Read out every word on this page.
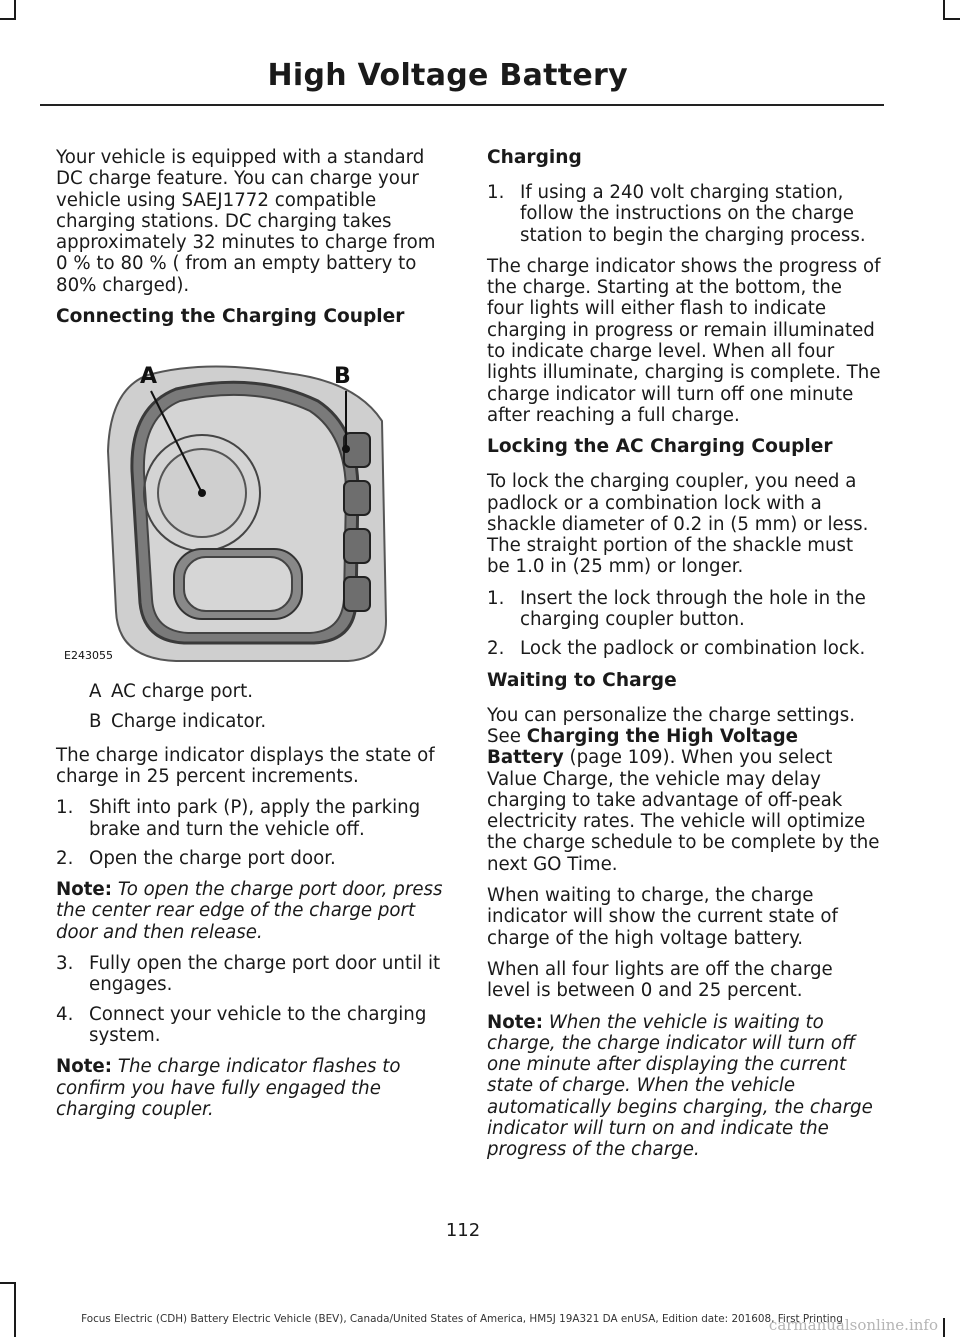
High Voltage Battery

Your vehicle is equipped with a standard DC charge feature. You can charge your vehicle using SAEJ1772 compatible charging stations. DC charging takes approximately 32 minutes to charge from 0 % to 80 % ( from an empty battery to 80% charged).

Connecting the Charging Coupler
A	B
E243055
A AC charge port.
B Charge indicator.

The charge indicator displays the state of charge in 25 percent increments.

1. Shift into park (P), apply the parking brake and turn the vehicle off.
2. Open the charge port door.

Note: To open the charge port door, press the center rear edge of the charge port door and then release.

3. Fully open the charge port door until it engages.
4. Connect your vehicle to the charging system.

Note: The charge indicator flashes to confirm you have fully engaged the charging coupler.

Charging
1. If using a 240 volt charging station, follow the instructions on the charge station to begin the charging process.

The charge indicator shows the progress of the charge. Starting at the bottom, the four lights will either flash to indicate charging in progress or remain illuminated to indicate charge level. When all four lights illuminate, charging is complete. The charge indicator will turn off one minute after reaching a full charge.

Locking the AC Charging Coupler

To lock the charging coupler, you need a padlock or a combination lock with a shackle diameter of 0.2 in (5 mm) or less. The straight portion of the shackle must be 1.0 in (25 mm) or longer.

1. Insert the lock through the hole in the charging coupler button.
2. Lock the padlock or combination lock.
Waiting to Charge

You can personalize the charge settings. See Charging the High Voltage Battery (page 109). When you select Value Charge, the vehicle may delay charging to take advantage of off-peak electricity rates. The vehicle will optimize the charge schedule to be complete by the next GO Time.

When waiting to charge, the charge indicator will show the current state of charge of the high voltage battery.

When all four lights are off the charge level is between 0 and 25 percent.

Note: When the vehicle is waiting to charge, the charge indicator will turn off one minute after displaying the current state of charge. When the vehicle automatically begins charging, the charge indicator will turn on and indicate the progress of the charge.

112
Focus Electric (CDH) Battery Electric Vehicle (BEV), Canada/United States of America, HM5J 19A321 DA enUSA, Edition date: 201608, First Printing
carmanualsonline.info
